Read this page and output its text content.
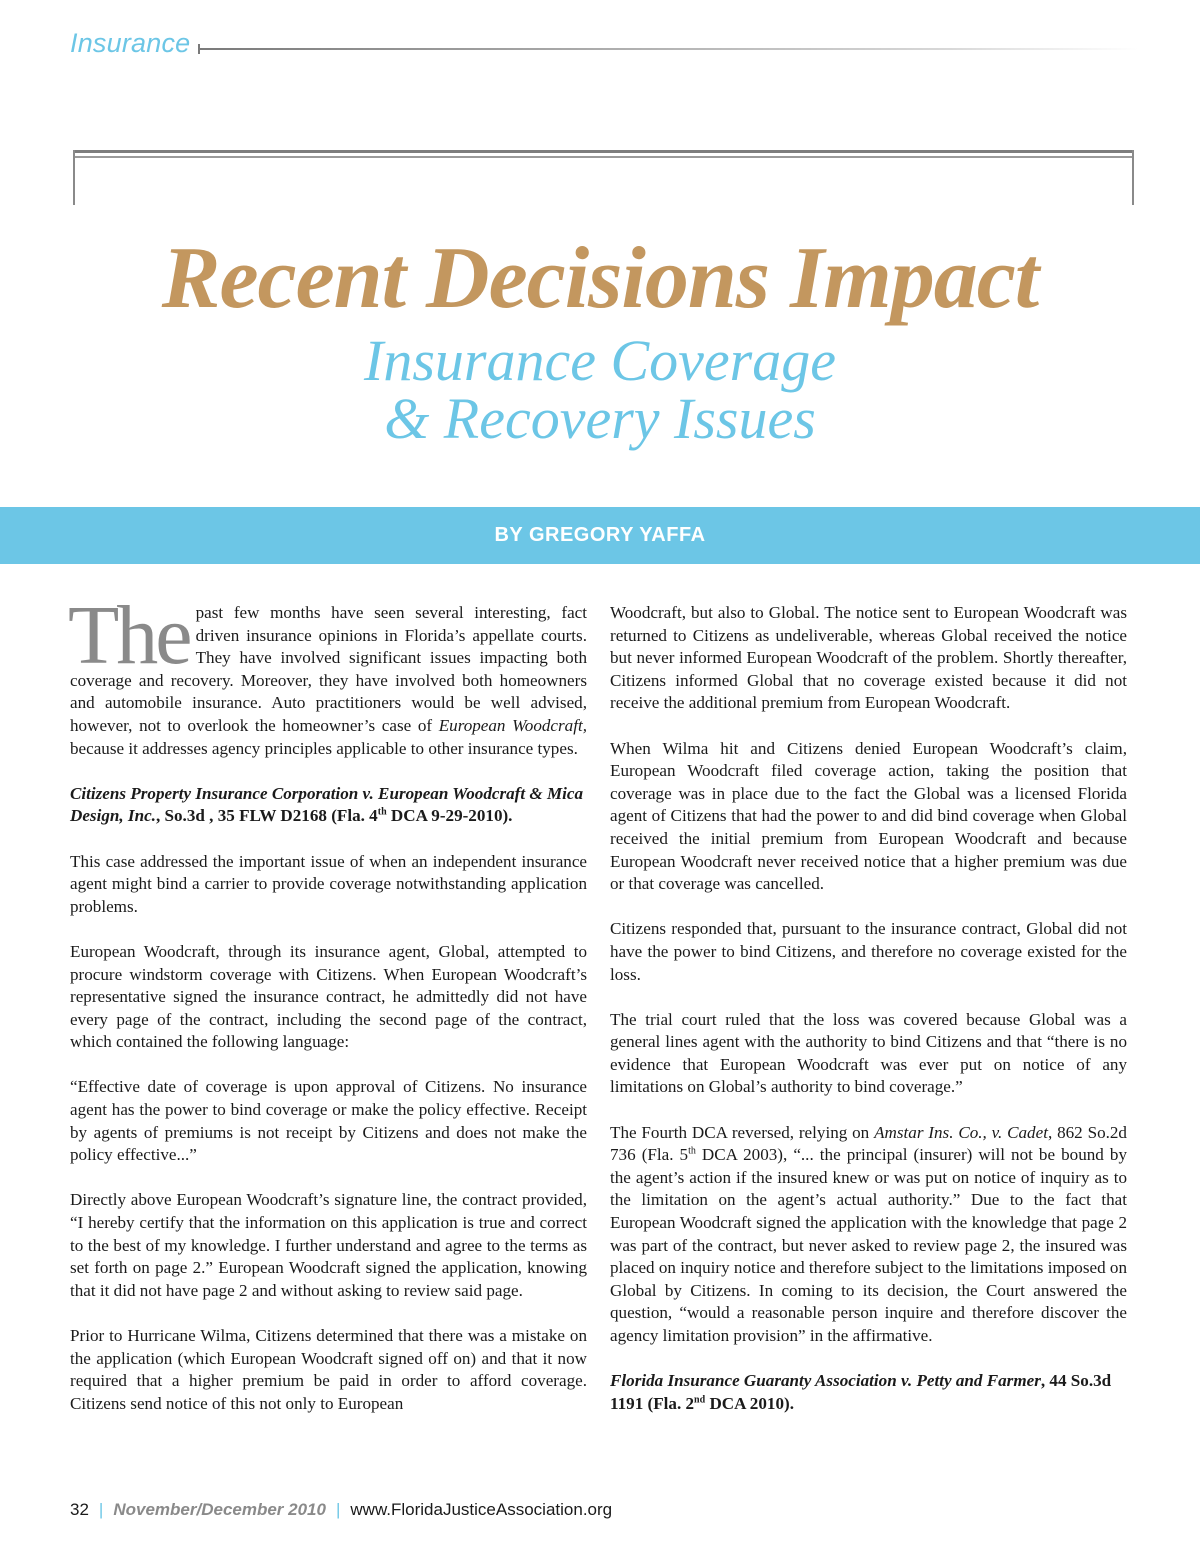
Insurance
Recent Decisions Impact
Insurance Coverage
& Recovery Issues
BY GREGORY YAFFA

The past few months have seen several interesting, fact driven insurance opinions in Florida’s appellate courts. They have involved significant issues impacting both coverage and recovery. Moreover, they have involved both homeowners and automobile insurance. Auto practitioners would be well advised, however, not to overlook the homeowner’s case of European Woodcraft, because it addresses agency principles applicable to other insurance types.

Citizens Property Insurance Corporation v. European Woodcraft & Mica Design, Inc., So.3d , 35 FLW D2168 (Fla. 4th DCA 9-29-2010).

This case addressed the important issue of when an independent insurance agent might bind a carrier to provide coverage notwithstanding application problems.

European Woodcraft, through its insurance agent, Global, attempted to procure windstorm coverage with Citizens. When European Woodcraft’s representative signed the insurance contract, he admittedly did not have every page of the contract, including the second page of the contract, which contained the following language:

“Effective date of coverage is upon approval of Citizens. No insurance agent has the power to bind coverage or make the policy effective. Receipt by agents of premiums is not receipt by Citizens and does not make the policy effective...”

Directly above European Woodcraft’s signature line, the contract provided, “I hereby certify that the information on this application is true and correct to the best of my knowledge. I further understand and agree to the terms as set forth on page 2.” European Woodcraft signed the application, knowing that it did not have page 2 and without asking to review said page.

Prior to Hurricane Wilma, Citizens determined that there was a mistake on the application (which European Woodcraft signed off on) and that it now required that a higher premium be paid in order to afford coverage. Citizens send notice of this not only to European

Woodcraft, but also to Global. The notice sent to European Woodcraft was returned to Citizens as undeliverable, whereas Global received the notice but never informed European Woodcraft of the problem. Shortly thereafter, Citizens informed Global that no coverage existed because it did not receive the additional premium from European Woodcraft.

When Wilma hit and Citizens denied European Woodcraft’s claim, European Woodcraft filed coverage action, taking the position that coverage was in place due to the fact the Global was a licensed Florida agent of Citizens that had the power to and did bind coverage when Global received the initial premium from European Woodcraft and because European Woodcraft never received notice that a higher premium was due or that coverage was cancelled.

Citizens responded that, pursuant to the insurance contract, Global did not have the power to bind Citizens, and therefore no coverage existed for the loss.

The trial court ruled that the loss was covered because Global was a general lines agent with the authority to bind Citizens and that “there is no evidence that European Woodcraft was ever put on notice of any limitations on Global’s authority to bind coverage.”

The Fourth DCA reversed, relying on Amstar Ins. Co., v. Cadet, 862 So.2d 736 (Fla. 5th DCA 2003), “... the principal (insurer) will not be bound by the agent’s action if the insured knew or was put on notice of inquiry as to the limitation on the agent’s actual authority.” Due to the fact that European Woodcraft signed the application with the knowledge that page 2 was part of the contract, but never asked to review page 2, the insured was placed on inquiry notice and therefore subject to the limitations imposed on Global by Citizens. In coming to its decision, the Court answered the question, “would a reasonable person inquire and therefore discover the agency limitation provision” in the affirmative.

Florida Insurance Guaranty Association v. Petty and Farmer, 44 So.3d 1191 (Fla. 2nd DCA 2010).

32 | November/December 2010 | www.FloridaJusticeAssociation.org
